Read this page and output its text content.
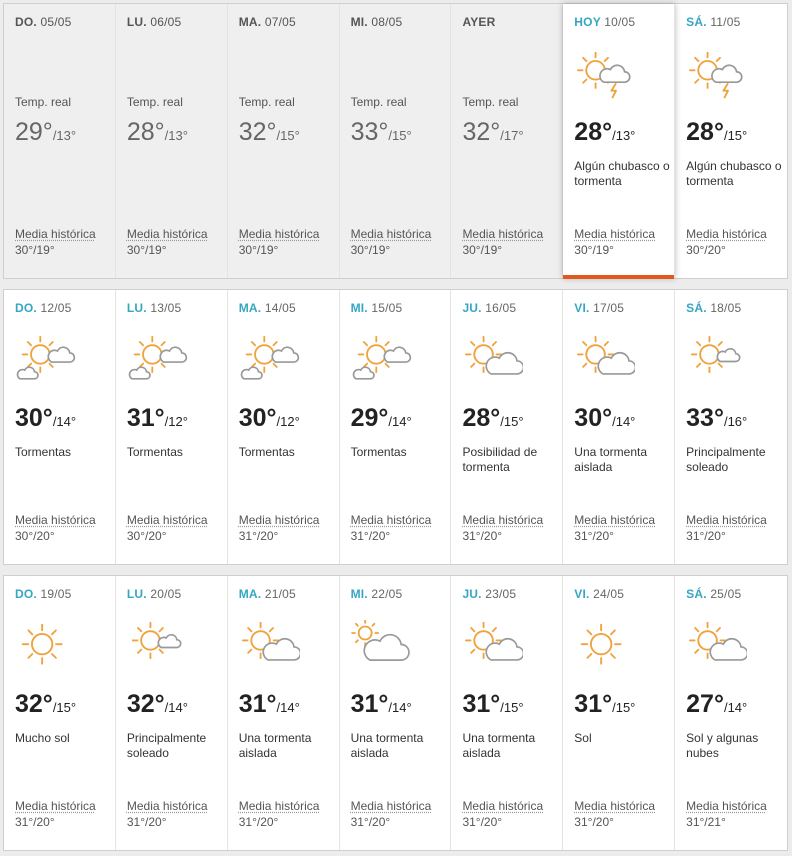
DO. 05/05
Temp. real
29°/13°
Media histórica
30°/19°
LU. 06/05
Temp. real
28°/13°
Media histórica
30°/19°
MA. 07/05
Temp. real
32°/15°
Media histórica
30°/19°
MI. 08/05
Temp. real
33°/15°
Media histórica
30°/19°
AYER
Temp. real
32°/17°
Media histórica
30°/19°
HOY 10/05
28°/13°
Algún chubasco o tormenta
Media histórica
30°/19°
SÁ. 11/05
28°/15°
Algún chubasco o tormenta
Media histórica
30°/20°
DO. 12/05
30°/14°
Tormentas
Media histórica
30°/20°
LU. 13/05
31°/12°
Tormentas
Media histórica
30°/20°
MA. 14/05
30°/12°
Tormentas
Media histórica
31°/20°
MI. 15/05
29°/14°
Tormentas
Media histórica
31°/20°
JU. 16/05
28°/15°
Posibilidad de tormenta
Media histórica
31°/20°
VI. 17/05
30°/14°
Una tormenta aislada
Media histórica
31°/20°
SÁ. 18/05
33°/16°
Principalmente soleado
Media histórica
31°/20°
DO. 19/05
32°/15°
Mucho sol
Media histórica
31°/20°
LU. 20/05
32°/14°
Principalmente soleado
Media histórica
31°/20°
MA. 21/05
31°/14°
Una tormenta aislada
Media histórica
31°/20°
MI. 22/05
31°/14°
Una tormenta aislada
Media histórica
31°/20°
JU. 23/05
31°/15°
Una tormenta aislada
Media histórica
31°/20°
VI. 24/05
31°/15°
Sol
Media histórica
31°/20°
SÁ. 25/05
27°/14°
Sol y algunas nubes
Media histórica
31°/21°
